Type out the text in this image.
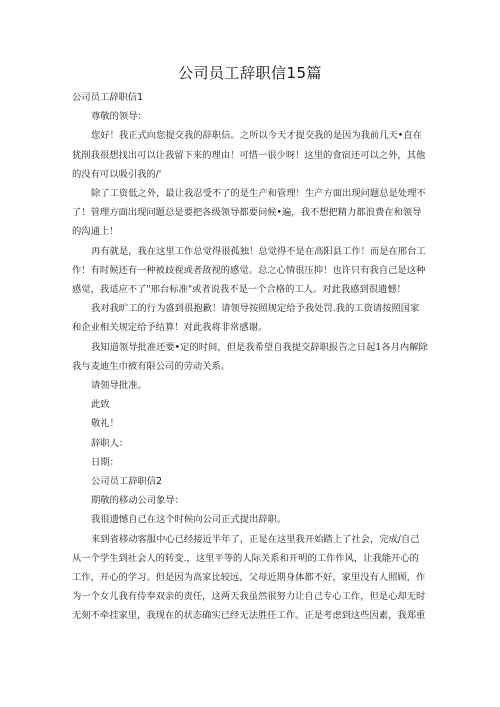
公司员工辞职信15篇

公司员工辞职信1

尊敬的领导：

您好！我正式向您提交我的辞职信。之所以今天才提交我的是因为我前几天•直在犹削我很想找出可以让我留下来的理由！可惜一很少呀！这里的食宿还可以之外，其他的没有可以吸引我的/'

除了工资低之外，最让我忍受不了的是生产和管理！生产方面出现问题总是处理不了！管理方面出现问题总是要把各级领导都要问候•遍，我不想把精力都浪费在和领导的沟通上！

再有就是，我在这里工作总觉得很孤独！总觉得不是在高阳县工作！而是在邢台工作！有时候还有一种被歧视或者敌视的感觉。总之心情很压抑！也许只有我自己是这种感觉，我适应不了"邢台标准"或者说我不是一个合格的工人。对此我感到很遗憾！

我对我旷工的行为盛到很抱歉！请领导按照规定给予我处罚.我的工资请按照国家和企业相关规定给予结算！对此我将非常感谢。

我知道领导批准还要•定的时间，但是我希望自我提交辞职报告之日起1各月内解除我与麦迪生巾被有限公司的劳动关系。

请领导批准。

此致

敬礼！

辞职人：

日期：

公司员工辞职信2

期敬的移动公司象导：

我很遗憾自己在这个时候向公司正式提出辞职。

来到省移动客服中心已经接近半年了，正是在这里我开始踏上了社会，完成/自己从一个学生到社会人的转变.，这里平等的人际关系和开明的工作作风，让我能开心的工作，开心的学习。但是因为高家比较远，父母近期身体都不好，家里没有人照顾，作为一个女儿我有侍奉双亲的责任，这两天我虽然很努力让自己专心工作，但是心却无时无刻不牵挂家里，我现在的状态确实已经无法胜任工作。正是考虑到这些因素，我郑重
